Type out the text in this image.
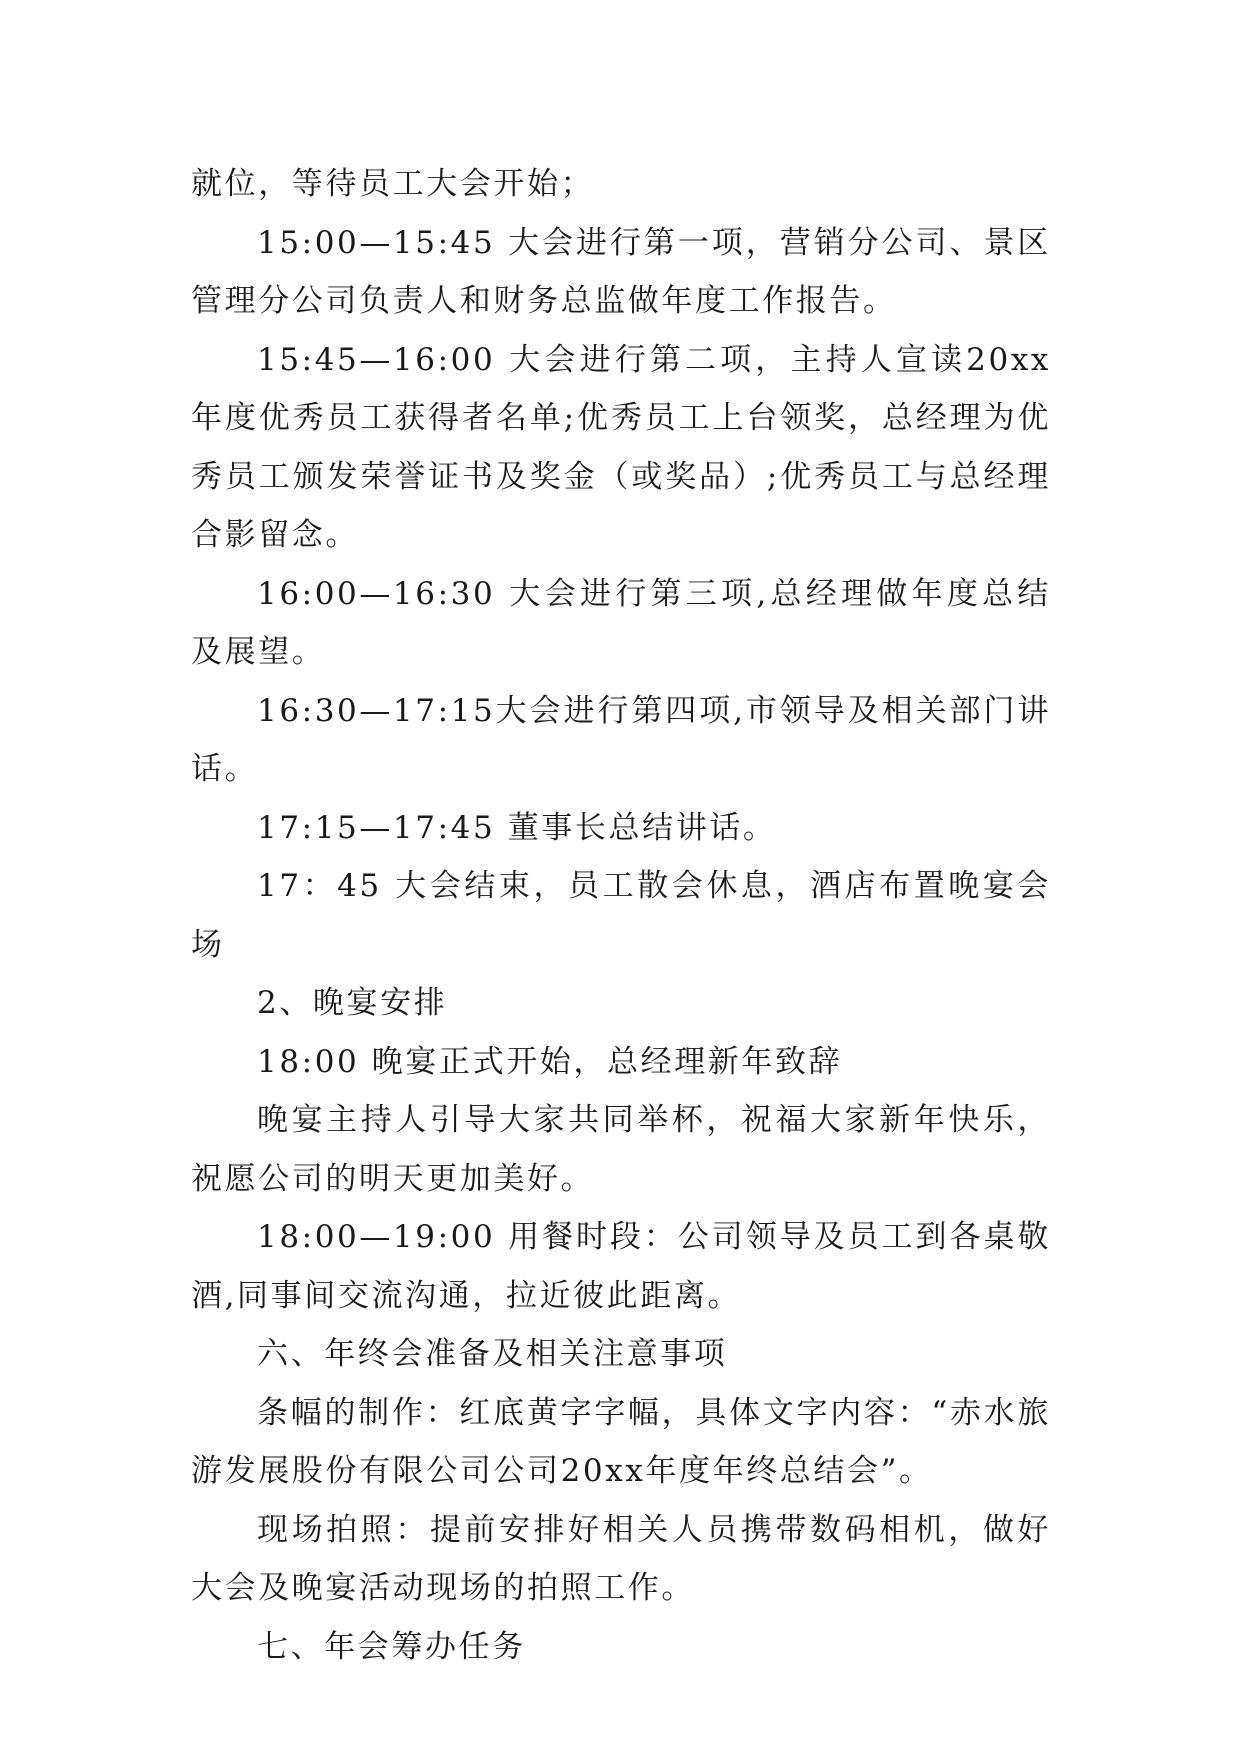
就位，等待员工大会开始；

15:00—15:45 大会进行第一项，营销分公司、景区管理分公司负责人和财务总监做年度工作报告。

15:45—16:00 大会进行第二项，主持人宣读20xx年度优秀员工获得者名单;优秀员工上台领奖，总经理为优秀员工颁发荣誉证书及奖金（或奖品）;优秀员工与总经理合影留念。

16:00—16:30 大会进行第三项,总经理做年度总结及展望。

16:30—17:15大会进行第四项,市领导及相关部门讲话。

17:15—17:45 董事长总结讲话。

17：45 大会结束，员工散会休息，酒店布置晚宴会场

2、晚宴安排

18:00 晚宴正式开始，总经理新年致辞

晚宴主持人引导大家共同举杯，祝福大家新年快乐，祝愿公司的明天更加美好。

18:00—19:00 用餐时段：公司领导及员工到各桌敬酒,同事间交流沟通，拉近彼此距离。

六、年终会准备及相关注意事项

条幅的制作：红底黄字字幅，具体文字内容：“赤水旅游发展股份有限公司公司20xx年度年终总结会”。

现场拍照：提前安排好相关人员携带数码相机，做好大会及晚宴活动现场的拍照工作。

七、年会筹办任务
